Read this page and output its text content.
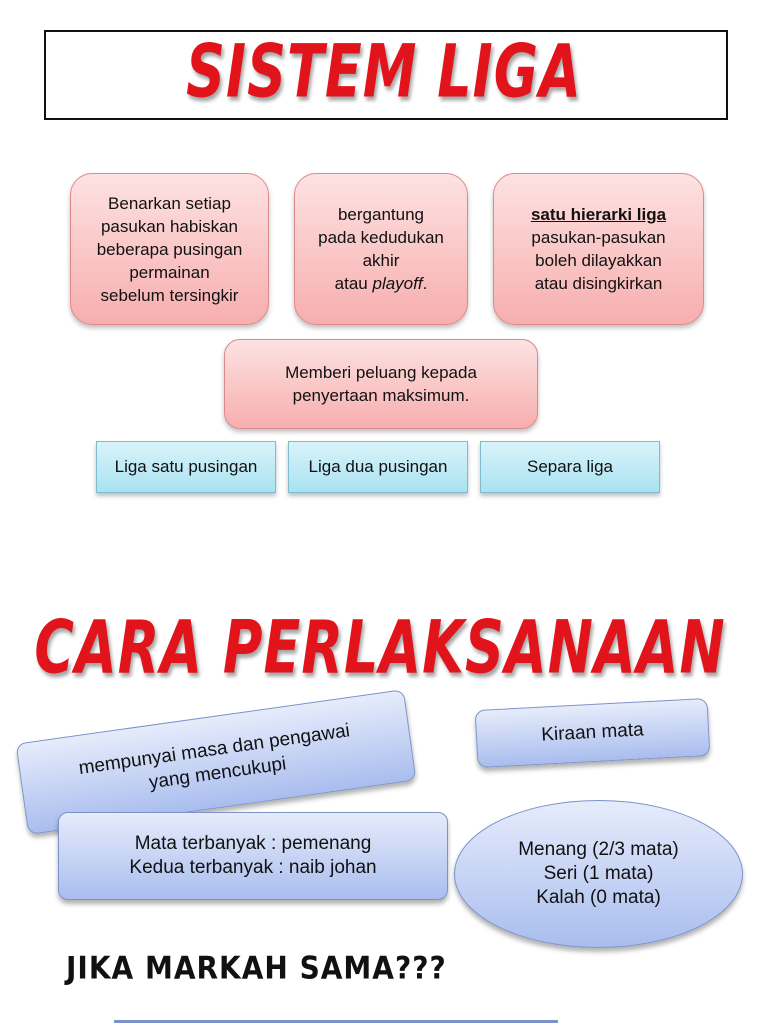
SISTEM LIGA
Benarkan setiap
pasukan habiskan
beberapa pusingan
permainan
sebelum tersingkir
bergantung
pada kedudukan
akhir
atau playoff.
satu hierarki liga
pasukan-pasukan
boleh dilayakkan
atau disingkirkan
Memberi peluang kepada
penyertaan maksimum.
Liga satu pusingan	Liga dua pusingan	Separa liga
CARA PERLAKSANAAN
mempunyai masa dan pengawai
yang mencukupi
Kiraan mata
Mata terbanyak : pemenang
Kedua terbanyak : naib johan
Menang (2/3 mata)
Seri (1 mata)
Kalah (0 mata)
JIKA MARKAH SAMA???
